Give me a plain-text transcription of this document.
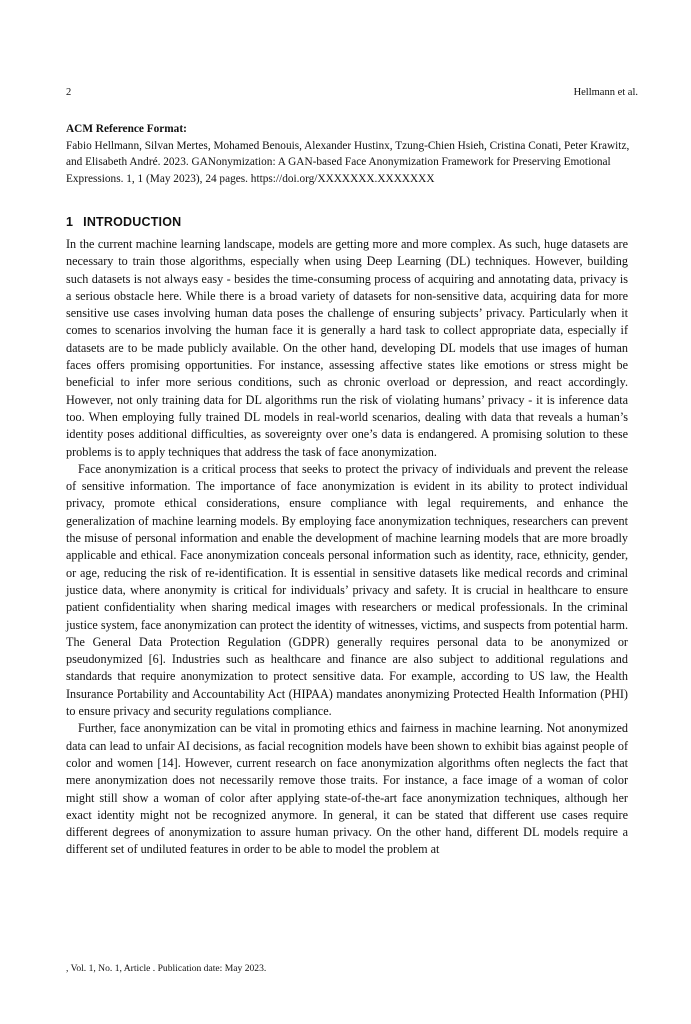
2	Hellmann et al.
ACM Reference Format:
Fabio Hellmann, Silvan Mertes, Mohamed Benouis, Alexander Hustinx, Tzung-Chien Hsieh, Cristina Conati, Peter Krawitz, and Elisabeth André. 2023. GANonymization: A GAN-based Face Anonymization Framework for Preserving Emotional Expressions. 1, 1 (May 2023), 24 pages. https://doi.org/XXXXXXX.XXXXXXX
1 INTRODUCTION

In the current machine learning landscape, models are getting more and more complex. As such, huge datasets are necessary to train those algorithms, especially when using Deep Learning (DL) techniques. However, building such datasets is not always easy - besides the time-consuming process of acquiring and annotating data, privacy is a serious obstacle here. While there is a broad variety of datasets for non-sensitive data, acquiring data for more sensitive use cases involving human data poses the challenge of ensuring subjects’ privacy. Particularly when it comes to scenarios involving the human face it is generally a hard task to collect appropriate data, especially if datasets are to be made publicly available. On the other hand, developing DL models that use images of human faces offers promising opportunities. For instance, assessing affective states like emotions or stress might be beneficial to infer more serious conditions, such as chronic overload or depression, and react accordingly. However, not only training data for DL algorithms run the risk of violating humans’ privacy - it is inference data too. When employing fully trained DL models in real-world scenarios, dealing with data that reveals a human’s identity poses additional difficulties, as sovereignty over one’s data is endangered. A promising solution to these problems is to apply techniques that address the task of face anonymization.

Face anonymization is a critical process that seeks to protect the privacy of individuals and prevent the release of sensitive information. The importance of face anonymization is evident in its ability to protect individual privacy, promote ethical considerations, ensure compliance with legal requirements, and enhance the generalization of machine learning models. By employing face anonymization techniques, researchers can prevent the misuse of personal information and enable the development of machine learning models that are more broadly applicable and ethical. Face anonymization conceals personal information such as identity, race, ethnicity, gender, or age, reducing the risk of re-identification. It is essential in sensitive datasets like medical records and criminal justice data, where anonymity is critical for individuals’ privacy and safety. It is crucial in healthcare to ensure patient confidentiality when sharing medical images with researchers or medical professionals. In the criminal justice system, face anonymization can protect the identity of witnesses, victims, and suspects from potential harm. The General Data Protection Regulation (GDPR) generally requires personal data to be anonymized or pseudonymized [6]. Industries such as healthcare and finance are also subject to additional regulations and standards that require anonymization to protect sensitive data. For example, according to US law, the Health Insurance Portability and Accountability Act (HIPAA) mandates anonymizing Protected Health Information (PHI) to ensure privacy and security regulations compliance.

Further, face anonymization can be vital in promoting ethics and fairness in machine learning. Not anonymized data can lead to unfair AI decisions, as facial recognition models have been shown to exhibit bias against people of color and women [14]. However, current research on face anonymization algorithms often neglects the fact that mere anonymization does not necessarily remove those traits. For instance, a face image of a woman of color might still show a woman of color after applying state-of-the-art face anonymization techniques, although her exact identity might not be recognized anymore. In general, it can be stated that different use cases require different degrees of anonymization to assure human privacy. On the other hand, different DL models require a different set of undiluted features in order to be able to model the problem at

, Vol. 1, No. 1, Article . Publication date: May 2023.
